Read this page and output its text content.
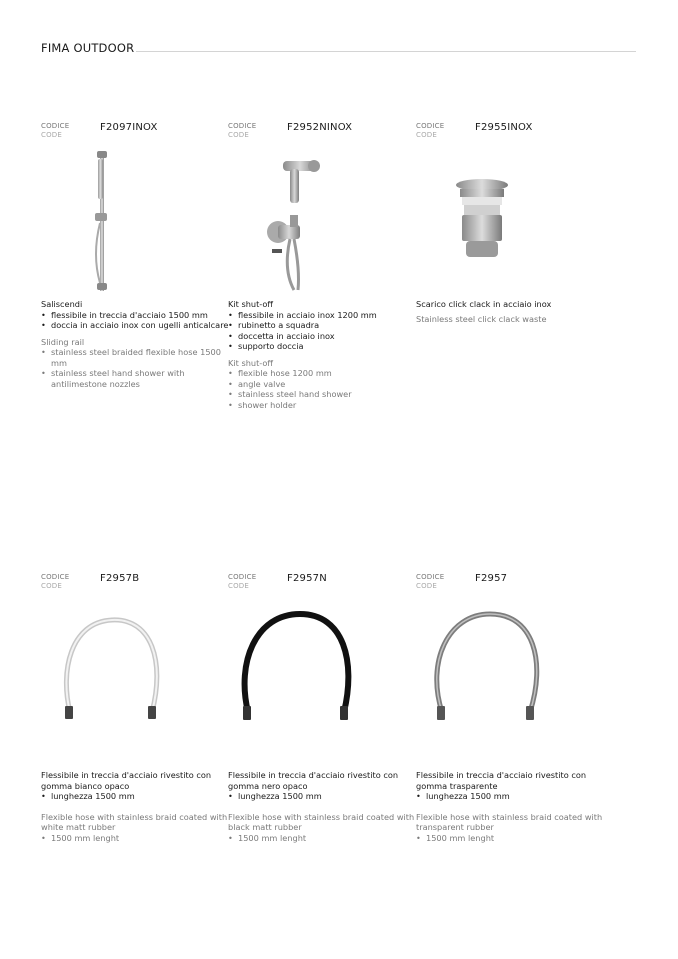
FIMA OUTDOOR
CODICE
CODE
F2097INOX
Saliscendi
• flessibile in treccia d'acciaio 1500 mm
• doccia in acciaio inox con ugelli anticalcare
Sliding rail
• stainless steel braided flexible hose 1500 mm
• stainless steel hand shower with antilimestone nozzles
CODICE
CODE
F2952NINOX
Kit shut-off
• flessibile in acciaio inox 1200 mm
• rubinetto a squadra
• doccetta in acciaio inox
• supporto doccia
Kit shut-off
• flexible hose 1200 mm
• angle valve
• stainless steel hand shower
• shower holder
CODICE
CODE
F2955INOX
Scarico click clack in acciaio inox
Stainless steel click clack waste
CODICE
CODE
F2957B
Flessibile in treccia d'acciaio rivestito con gomma bianco opaco
• lunghezza 1500 mm
Flexible hose with stainless braid coated with white matt rubber
• 1500 mm lenght
CODICE
CODE
F2957N
Flessibile in treccia d'acciaio rivestito con gomma nero opaco
• lunghezza 1500 mm
Flexible hose with stainless braid coated with black matt rubber
• 1500 mm lenght
CODICE
CODE
F2957
Flessibile in treccia d'acciaio rivestito con gomma trasparente
• lunghezza 1500 mm
Flexible hose with stainless braid coated with transparent rubber
• 1500 mm lenght
